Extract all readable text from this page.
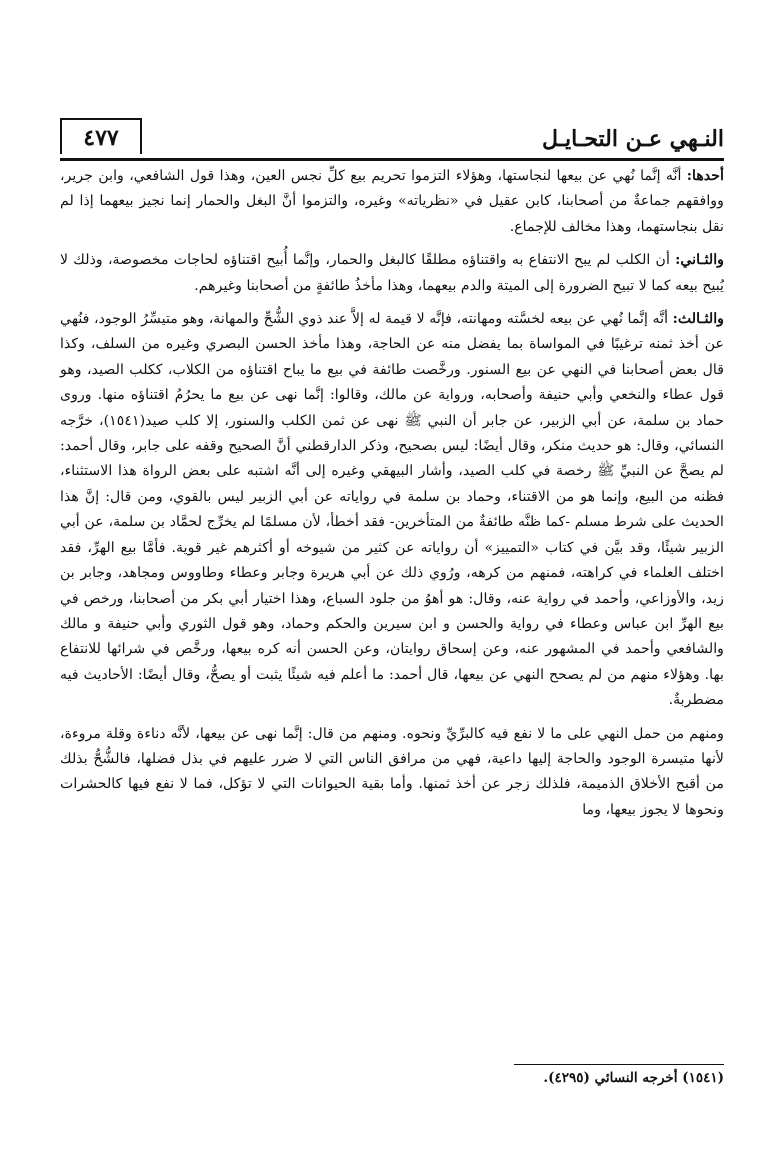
النـهي عـن التحـايـل
٤٧٧

أحدها: أنَّه إنَّما نُهي عن بيعها لنجاستها، وهؤلاء التزموا تحريم بيع كلِّ نجس العين، وهذا قول الشافعي، وابن جرير، ووافقهم جماعةٌ من أصحابنا، كابن عقيل في «نظرياته» وغيره، والتزموا أنَّ البغل والحمار إنما نجيز بيعهما إذا لم نقل بنجاستهما، وهذا مخالف للإجماع.

والثـاني: أن الكلب لم يبح الانتفاع به واقتناؤه مطلقًا كالبغل والحمار، وإنَّما أُبيح اقتناؤه لحاجات مخصوصة، وذلك لا يُبيح بيعه كما لا تبيح الضرورة إلى الميتة والدم بيعهما، وهذا مأخذُ طائفةٍ من أصحابنا وغيرهم.

والثـالث: أنَّه إنَّما نُهي عن بيعه لخسَّته ومهانته، فإنَّه لا قيمة له إلاَّ عند ذوي الشُّحِّ والمهانة، وهو متيسِّرُ الوجود، فنُهي عن أخذ ثمنه ترغيبًا في المواساة بما يفضل منه عن الحاجة، وهذا مأخذ الحسن البصري وغيره من السلف، وكذا قال بعض أصحابنا في النهي عن بيع السنور. ورخَّصت طائفة في بيع ما يباح اقتناؤه من الكلاب، ككلب الصيد، وهو قول عطاء والنخعي وأبي حنيفة وأصحابه، ورواية عن مالك، وقالوا: إنَّما نهى عن بيع ما يحرُمُ اقتناؤه منها. وروى حماد بن سلمة، عن أبي الزبير، عن جابر أن النبي ﷺ نهى عن ثمن الكلب والسنور، إلا كلب صيد(١٥٤١)، خرَّجه النسائي، وقال: هو حديث منكر، وقال أيضًا: ليس بصحيح، وذكر الدارقطني أنَّ الصحيح وقفه على جابر، وقال أحمد: لم يصحَّ عن النبيِّ ﷺ رخصة في كلب الصيد، وأشار البيهقي وغيره إلى أنَّه اشتبه على بعض الرواة هذا الاستثناء، فظنه من البيع، وإنما هو من الاقتناء، وحماد بن سلمة في رواياته عن أبي الزبير ليس بالقوي، ومن قال: إنَّ هذا الحديث على شرط مسلم -كما ظنَّه طائفةٌ من المتأخرين- فقد أخطأ، لأن مسلمًا لم يخرِّج لحمَّاد بن سلمة، عن أبي الزبير شيئًا، وقد بيَّن في كتاب «التمييز» أن رواياته عن كثير من شيوخه أو أكثرهم غير قوية. فأمَّا بيع الهرِّ، فقد اختلف العلماء في كراهته، فمنهم من كرهه، ورُوي ذلك عن أبي هريرة وجابر وعطاء وطاووس ومجاهد، وجابر بن زيد، والأوزاعي، وأحمد في رواية عنه، وقال: هو أهوُ من جلود السباع، وهذا اختيار أبي بكر من أصحابنا، ورخص في بيع الهرِّ ابن عباس وعطاء في رواية والحسن و ابن سيرين والحكم وحماد، وهو قول الثوري وأبي حنيفة و مالك والشافعي وأحمد في المشهور عنه، وعن إسحاق روايتان، وعن الحسن أنه كره بيعها، ورخَّص في شرائها للانتفاع بها. وهؤلاء منهم من لم يصحح النهي عن بيعها، قال أحمد: ما أعلم فيه شيئًا يثبت أو يصحُّ، وقال أيضًا: الأحاديث فيه مضطربةٌ.

ومنهم من حمل النهي على ما لا نفع فيه كالبرِّيِّ ونحوه. ومنهم من قال: إنَّما نهى عن بيعها، لأنَّه دناءة وقلة مروءة، لأنها متيسرة الوجود والحاجة إليها داعية، فهي من مرافق الناس التي لا ضرر عليهم في بذل فضلها، فالشُّحُّ بذلك من أقبح الأخلاق الذميمة، فلذلك زجر عن أخذ ثمنها. وأما بقية الحيوانات التي لا تؤكل، فما لا نفع فيها كالحشرات ونحوها لا يجوز بيعها، وما

(١٥٤١) أخرجه النسائي (٤٢٩٥).
